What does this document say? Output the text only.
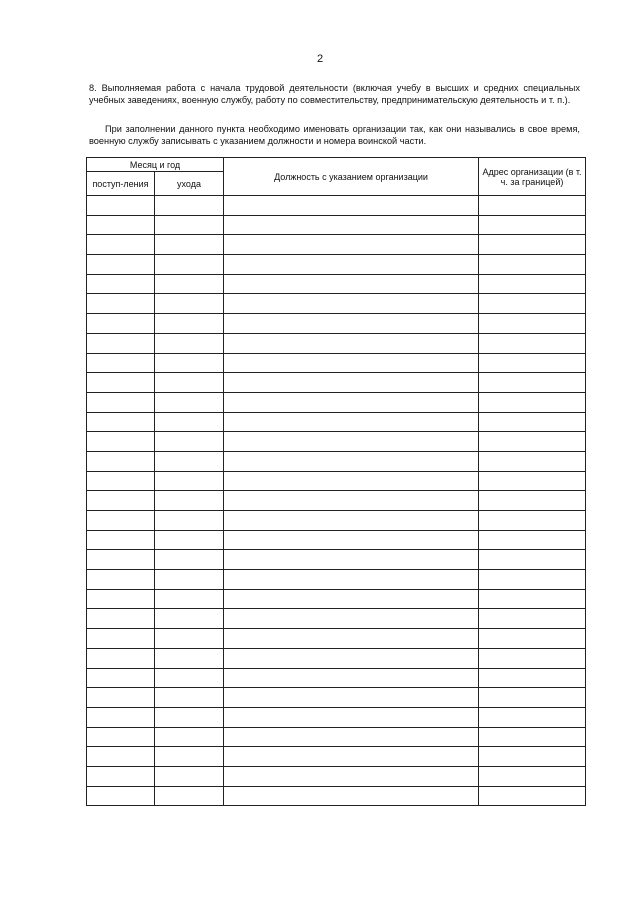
2

8. Выполняемая работа с начала трудовой деятельности (включая учебу в высших и средних специальных учебных заведениях, военную службу, работу по совместительству, предпринимательскую деятельность и т. п.).

При заполнении данного пункта необходимо именовать организации так, как они назывались в свое время, военную службу записывать с указанием должности и номера воинской части.

Месяц и год		Должность с указанием организации	Адрес организации (в т. ч. за границей)
поступ-ления	ухода		
